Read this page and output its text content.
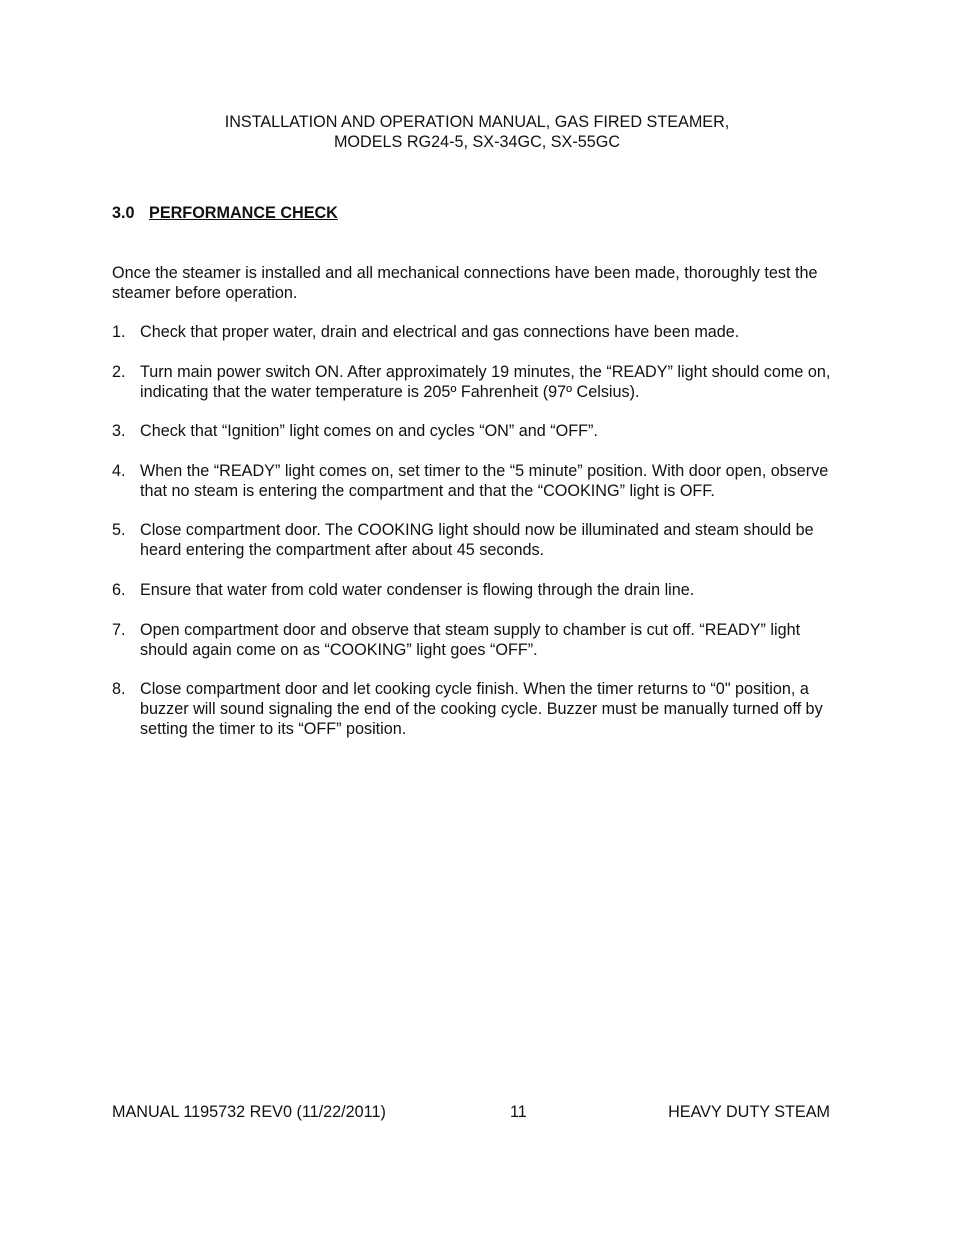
INSTALLATION AND OPERATION MANUAL, GAS FIRED STEAMER,
MODELS RG24-5, SX-34GC, SX-55GC
3.0 PERFORMANCE CHECK
Once the steamer is installed and all mechanical connections have been made, thoroughly test the steamer before operation.
1. Check that proper water, drain and electrical and gas connections have been made.
2. Turn main power switch ON. After approximately 19 minutes, the “READY” light should come on, indicating that the water temperature is 205º Fahrenheit (97º Celsius).
3. Check that “Ignition” light comes on and cycles “ON” and “OFF”.
4. When the “READY” light comes on, set timer to the “5 minute” position. With door open, observe that no steam is entering the compartment and that the “COOKING” light is OFF.
5. Close compartment door. The COOKING light should now be illuminated and steam should be heard entering the compartment after about 45 seconds.
6. Ensure that water from cold water condenser is flowing through the drain line.
7. Open compartment door and observe that steam supply to chamber is cut off. “READY” light should again come on as “COOKING” light goes “OFF”.
8. Close compartment door and let cooking cycle finish. When the timer returns to “0" position, a buzzer will sound signaling the end of the cooking cycle. Buzzer must be manually turned off by setting the timer to its “OFF” position.
MANUAL 1195732 REV0 (11/22/2011)	11	HEAVY DUTY STEAM
